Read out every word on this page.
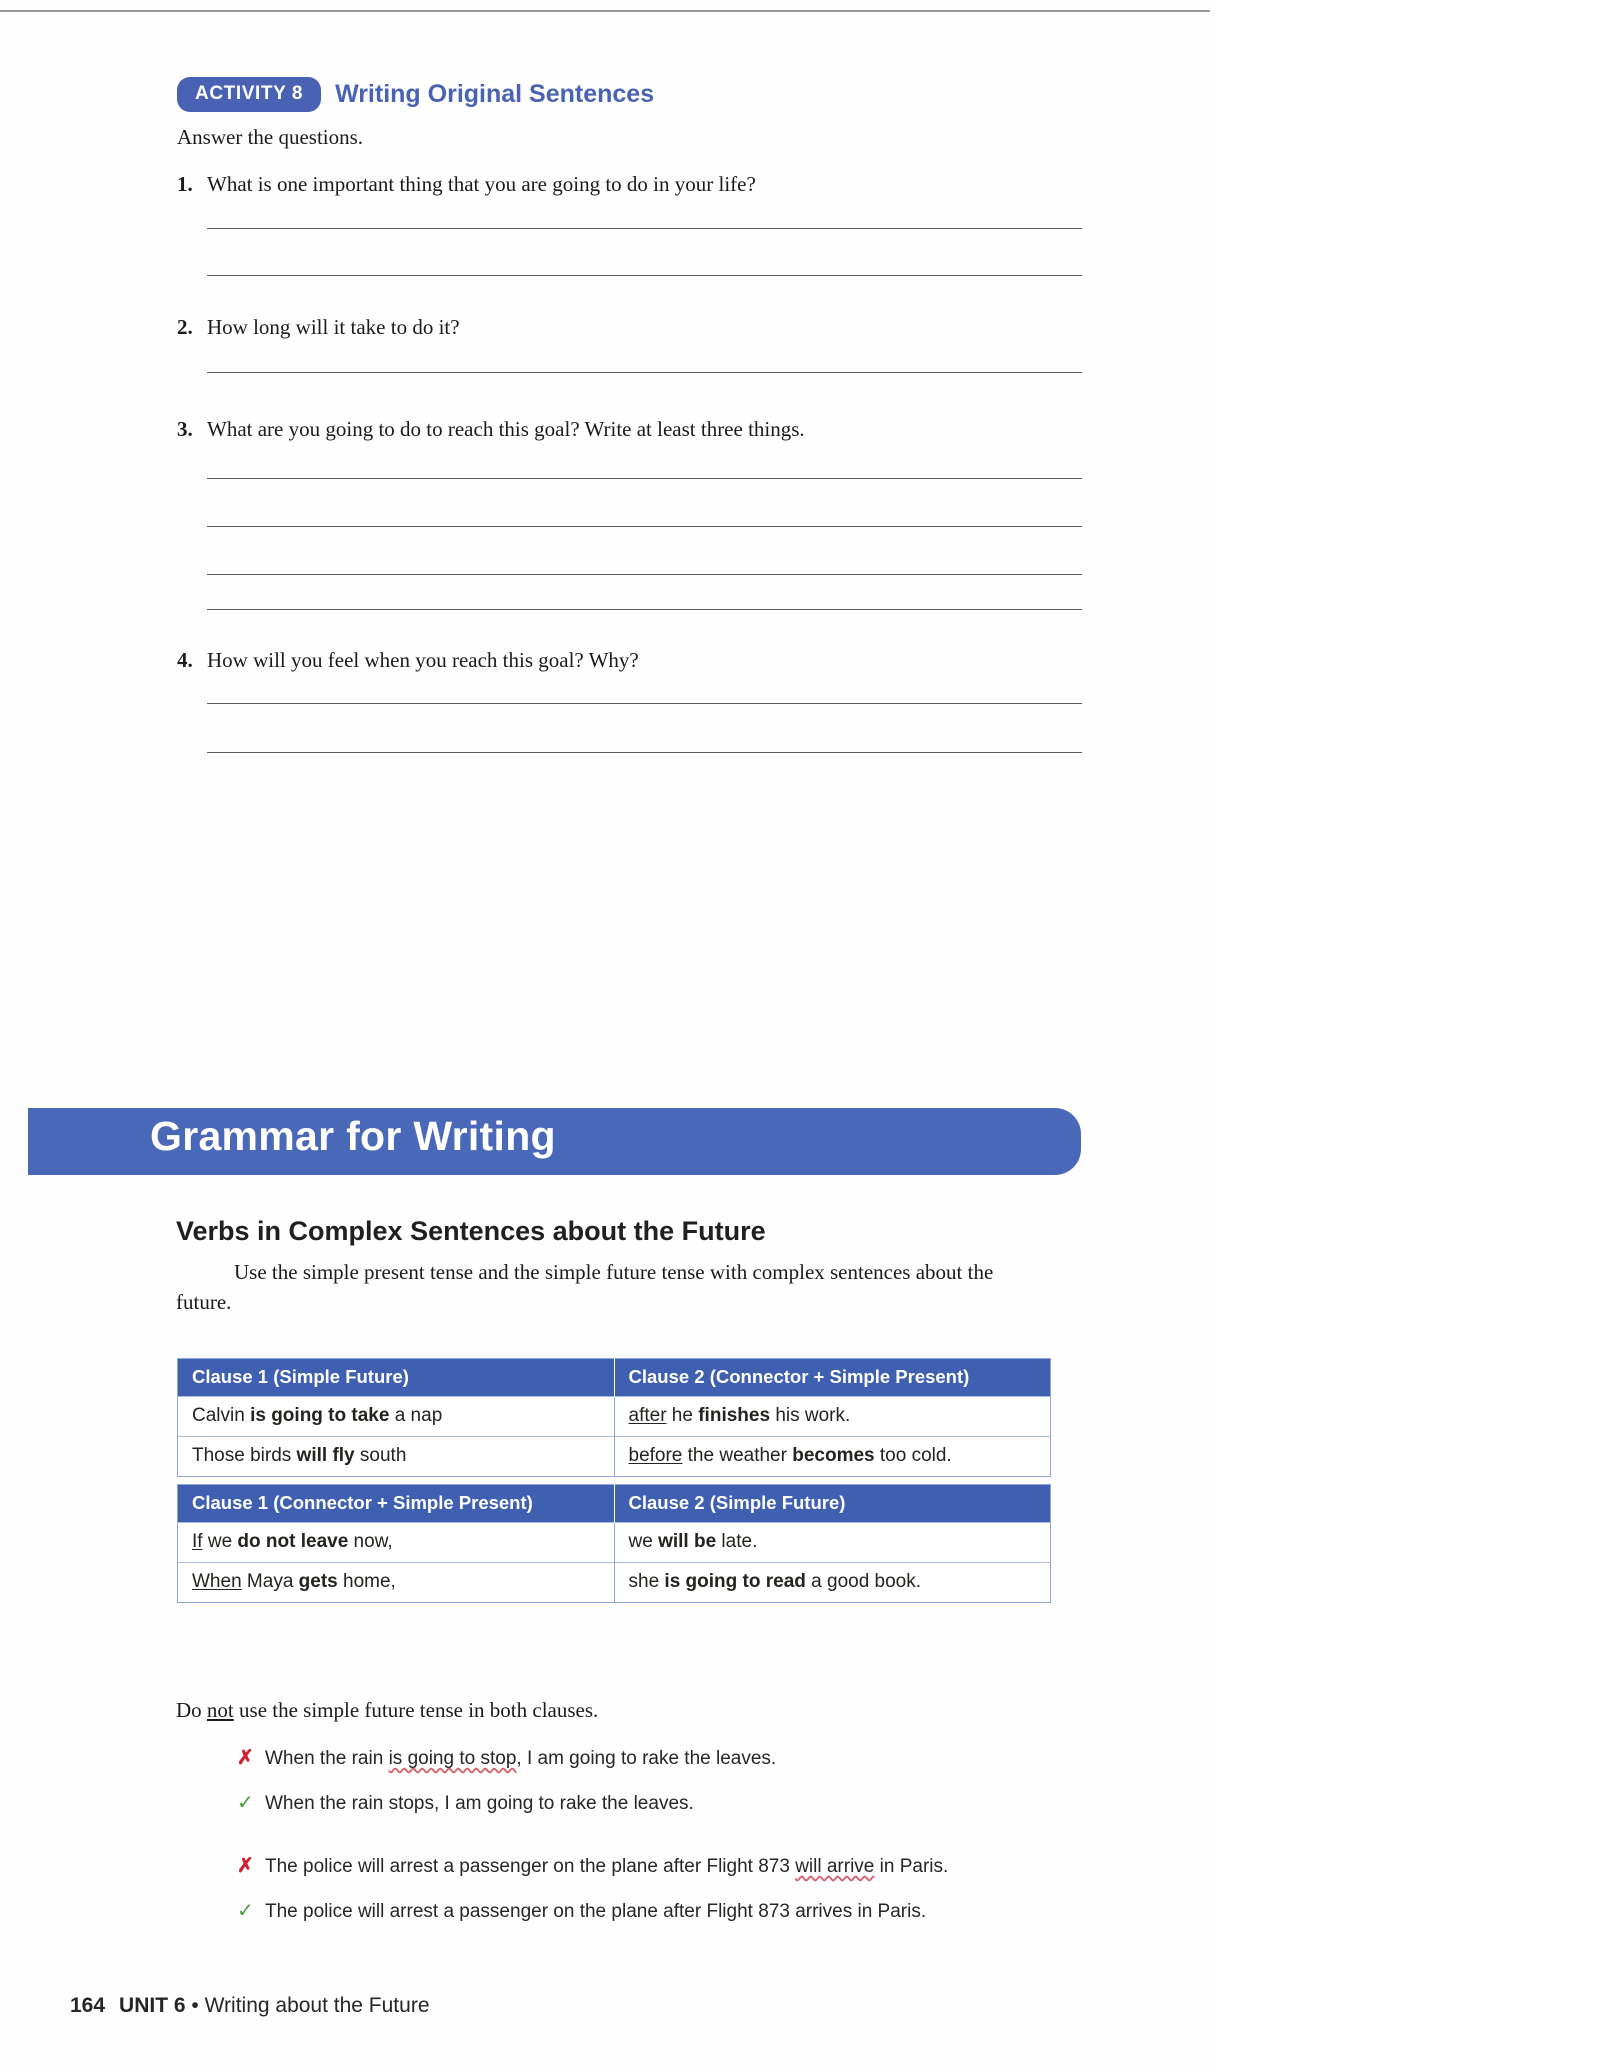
ACTIVITY 8	Writing Original Sentences
Answer the questions.
1. What is one important thing that you are going to do in your life?
2. How long will it take to do it?
3. What are you going to do to reach this goal? Write at least three things.
4. How will you feel when you reach this goal? Why?
Grammar for Writing
Verbs in Complex Sentences about the Future
Use the simple present tense and the simple future tense with complex sentences about the future.
Clause 1 (Simple Future)	Clause 2 (Connector + Simple Present)
Calvin is going to take a nap	after he finishes his work.
Those birds will fly south	before the weather becomes too cold.
Clause 1 (Connector + Simple Present)	Clause 2 (Simple Future)
If we do not leave now,	we will be late.
When Maya gets home,	she is going to read a good book.
Do not use the simple future tense in both clauses.
✗ When the rain is going to stop, I am going to rake the leaves.
✓ When the rain stops, I am going to rake the leaves.
✗ The police will arrest a passenger on the plane after Flight 873 will arrive in Paris.
✓ The police will arrest a passenger on the plane after Flight 873 arrives in Paris.
164 UNIT 6 • Writing about the Future
